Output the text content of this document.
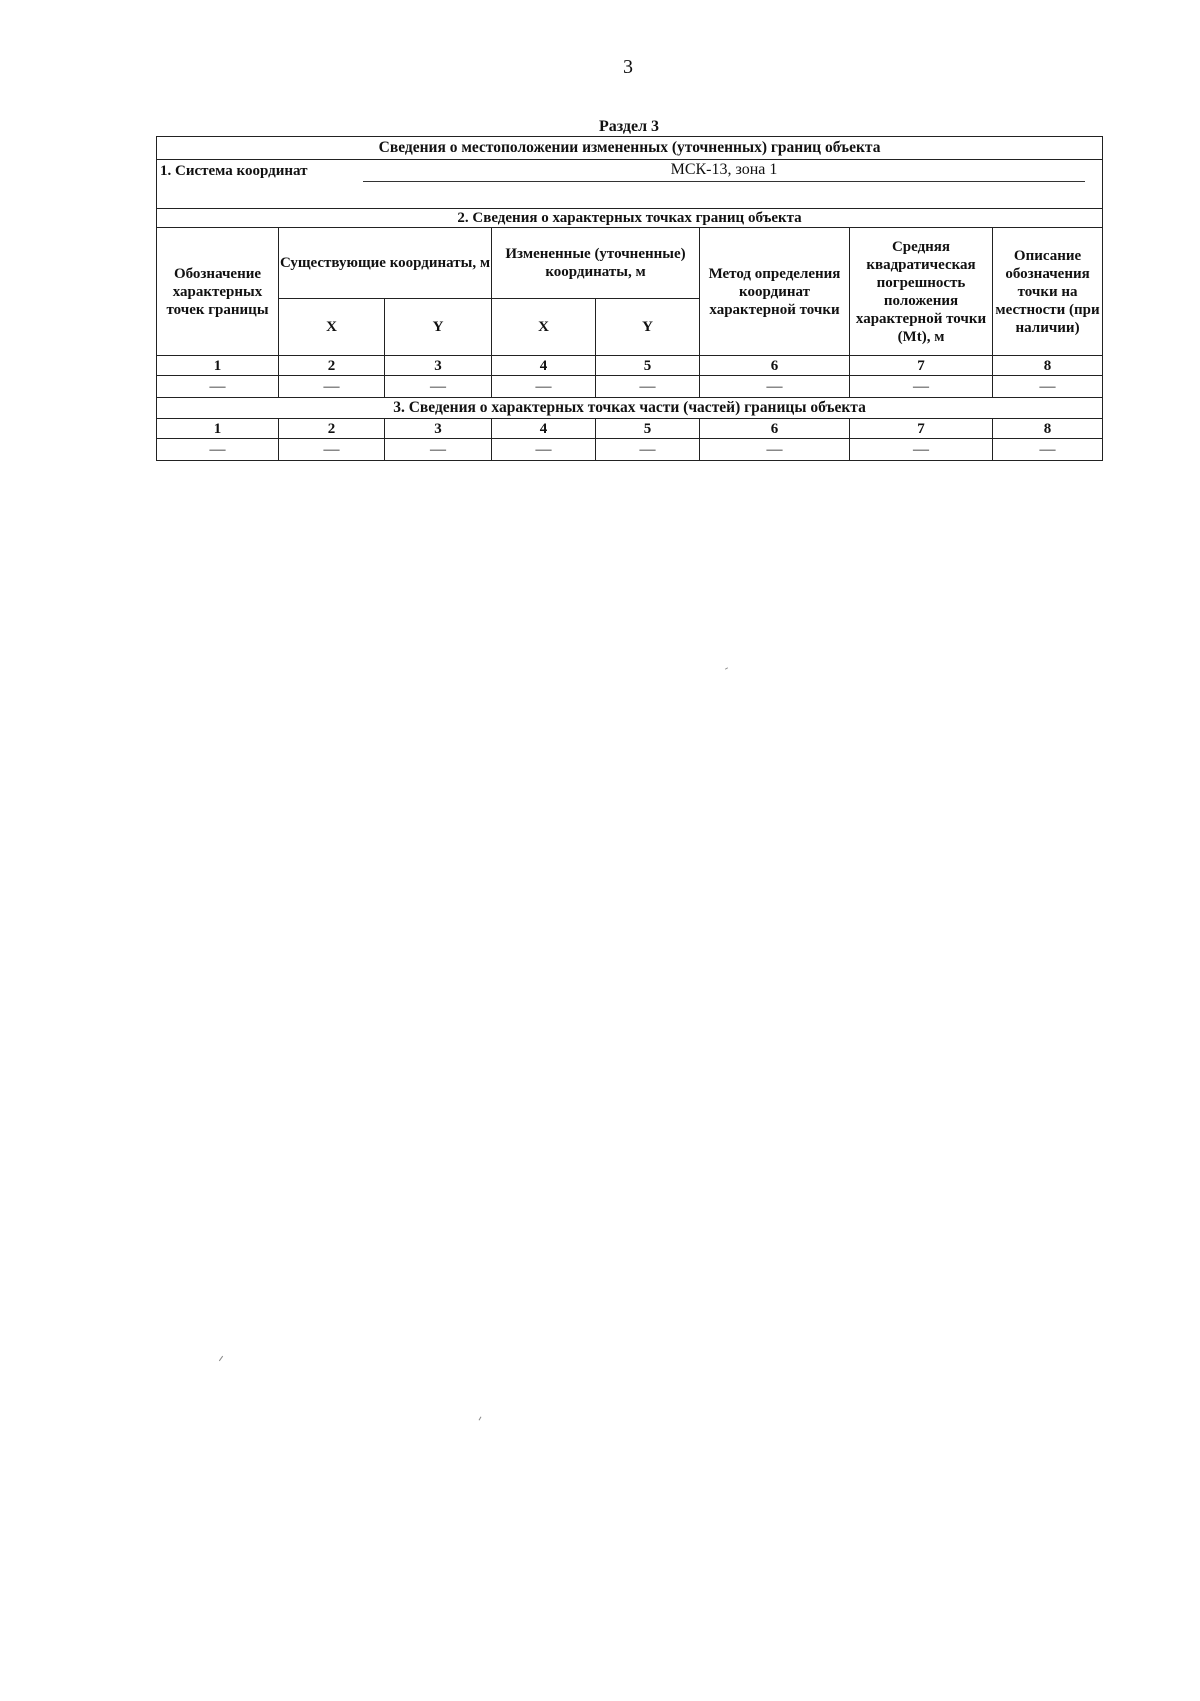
3
Раздел 3
Сведения о местоположении измененных (уточненных) границ объекта							

1. Система координат МСК-13, зона 1							

2. Сведения о характерных точках границ объекта							
Обозначение характерных точек границы	Существующие координаты, м		Измененные (уточненные) координаты, м		Метод определения координат характерной точки	Средняя квадратическая погрешность положения характерной точки (Mt), м	Описание обозначения точки на местности (при наличии)
	X	Y	X	Y			
1	2	3	4	5	6	7	8
—	—	—	—	—	—	—	—
3. Сведения о характерных точках части (частей) границы объекта							
1	2	3	4	5	6	7	8
—	—	—	—	—	—	—	—
